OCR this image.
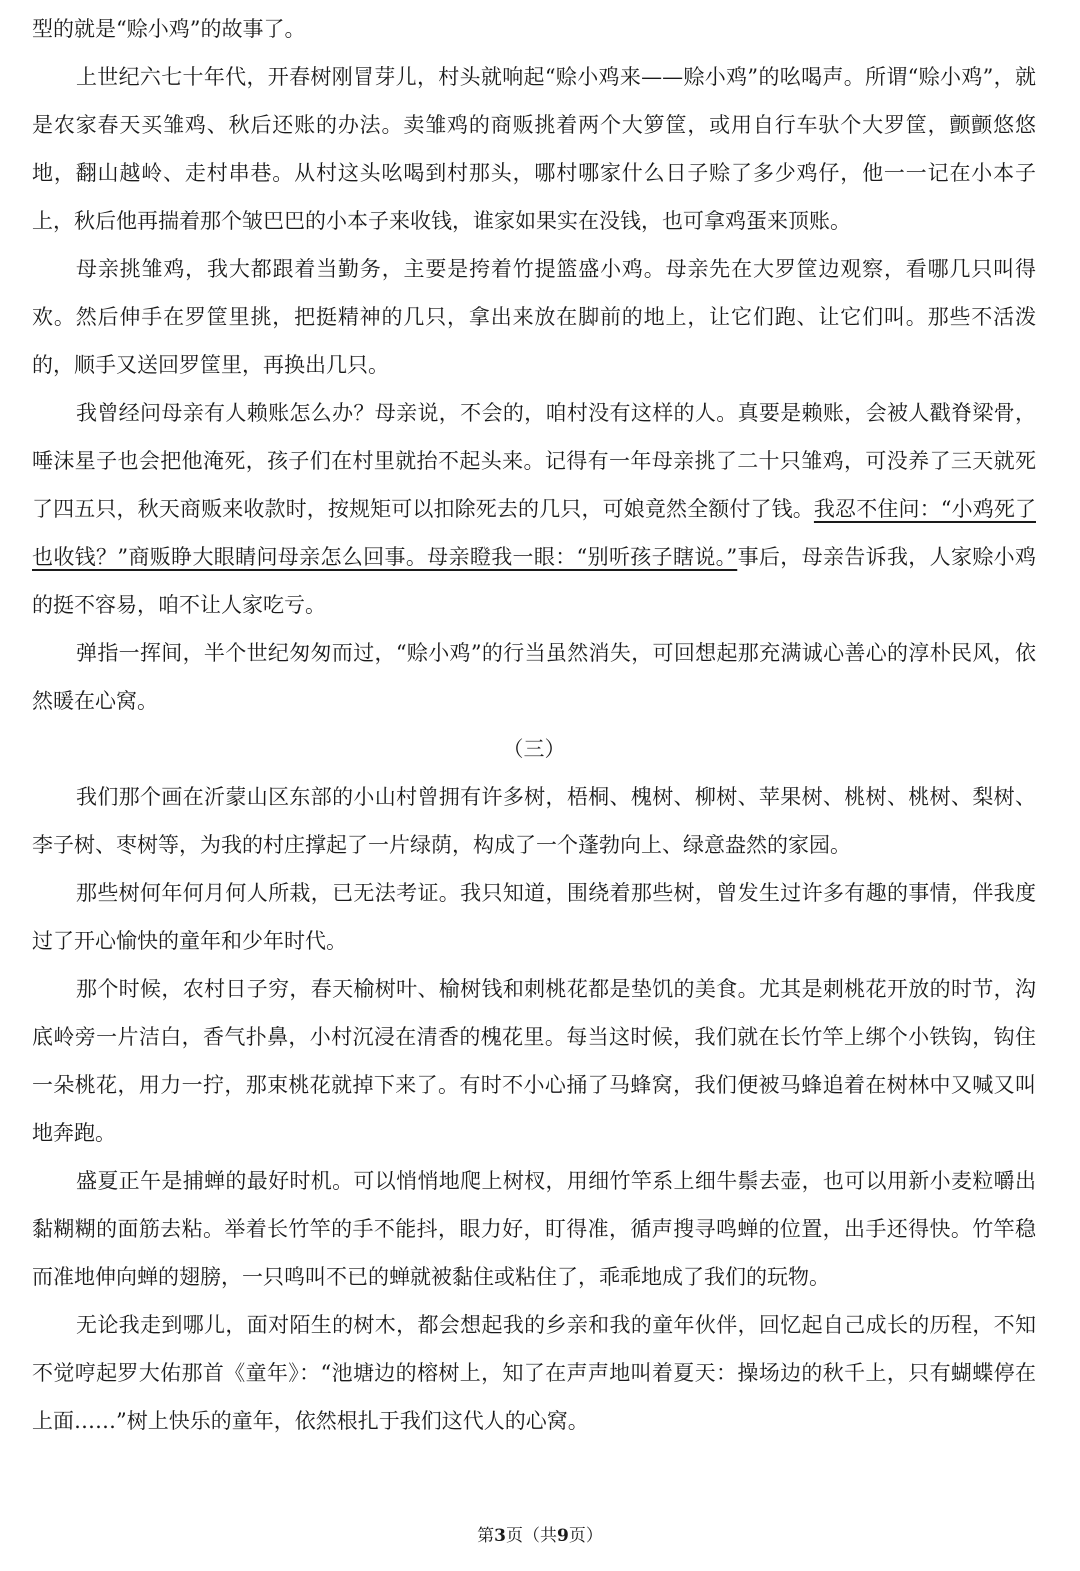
型的就是“赊小鸡”的故事了。

上世纪六七十年代，开春树刚冒芽儿，村头就响起“赊小鸡来——赊小鸡”的吆喝声。所谓“赊小鸡”，就是农家春天买雏鸡、秋后还账的办法。卖雏鸡的商贩挑着两个大箩筐，或用自行车驮个大罗筐，颤颤悠悠地，翻山越岭、走村串巷。从村这头吆喝到村那头，哪村哪家什么日子赊了多少鸡仔，他一一记在小本子上，秋后他再揣着那个皱巴巴的小本子来收钱，谁家如果实在没钱，也可拿鸡蛋来顶账。

母亲挑雏鸡，我大都跟着当勤务，主要是挎着竹提篮盛小鸡。母亲先在大罗筐边观察，看哪几只叫得欢。然后伸手在罗筐里挑，把挺精神的几只，拿出来放在脚前的地上，让它们跑、让它们叫。那些不活泼的，顺手又送回罗筐里，再换出几只。

我曾经问母亲有人赖账怎么办？母亲说，不会的，咱村没有这样的人。真要是赖账，会被人戳脊梁骨，唾沫星子也会把他淹死，孩子们在村里就抬不起头来。记得有一年母亲挑了二十只雏鸡，可没养了三天就死了四五只，秋天商贩来收款时，按规矩可以扣除死去的几只，可娘竟然全额付了钱。我忍不住问：“小鸡死了也收钱？”商贩睁大眼睛问母亲怎么回事。母亲瞪我一眼：“别听孩子瞎说。”事后，母亲告诉我，人家赊小鸡的挺不容易，咱不让人家吃亏。

弹指一挥间，半个世纪匆匆而过，“赊小鸡”的行当虽然消失，可回想起那充满诚心善心的淳朴民风，依然暖在心窝。

（三）

我们那个画在沂蒙山区东部的小山村曾拥有许多树，梧桐、槐树、柳树、苹果树、桃树、桃树、梨树、李子树、枣树等，为我的村庄撑起了一片绿荫，构成了一个蓬勃向上、绿意盎然的家园。

那些树何年何月何人所栽，已无法考证。我只知道，围绕着那些树，曾发生过许多有趣的事情，伴我度过了开心愉快的童年和少年时代。

那个时候，农村日子穷，春天榆树叶、榆树钱和刺桃花都是垫饥的美食。尤其是刺桃花开放的时节，沟底岭旁一片洁白，香气扑鼻，小村沉浸在清香的槐花里。每当这时候，我们就在长竹竿上绑个小铁钩，钩住一朵桃花，用力一拧，那束桃花就掉下来了。有时不小心捅了马蜂窝，我们便被马蜂追着在树林中又喊又叫地奔跑。

盛夏正午是捕蝉的最好时机。可以悄悄地爬上树杈，用细竹竿系上细牛鬃去壶，也可以用新小麦粒嚼出黏糊糊的面筋去粘。举着长竹竿的手不能抖，眼力好，盯得准，循声搜寻鸣蝉的位置，出手还得快。竹竿稳而准地伸向蝉的翅膀，一只鸣叫不已的蝉就被黏住或粘住了，乖乖地成了我们的玩物。

无论我走到哪儿，面对陌生的树木，都会想起我的乡亲和我的童年伙伴，回忆起自己成长的历程，不知不觉哼起罗大佑那首《童年》：“池塘边的榕树上，知了在声声地叫着夏天：操场边的秋千上，只有蝴蝶停在上面……”树上快乐的童年，依然根扎于我们这代人的心窝。

第3页（共9页）
